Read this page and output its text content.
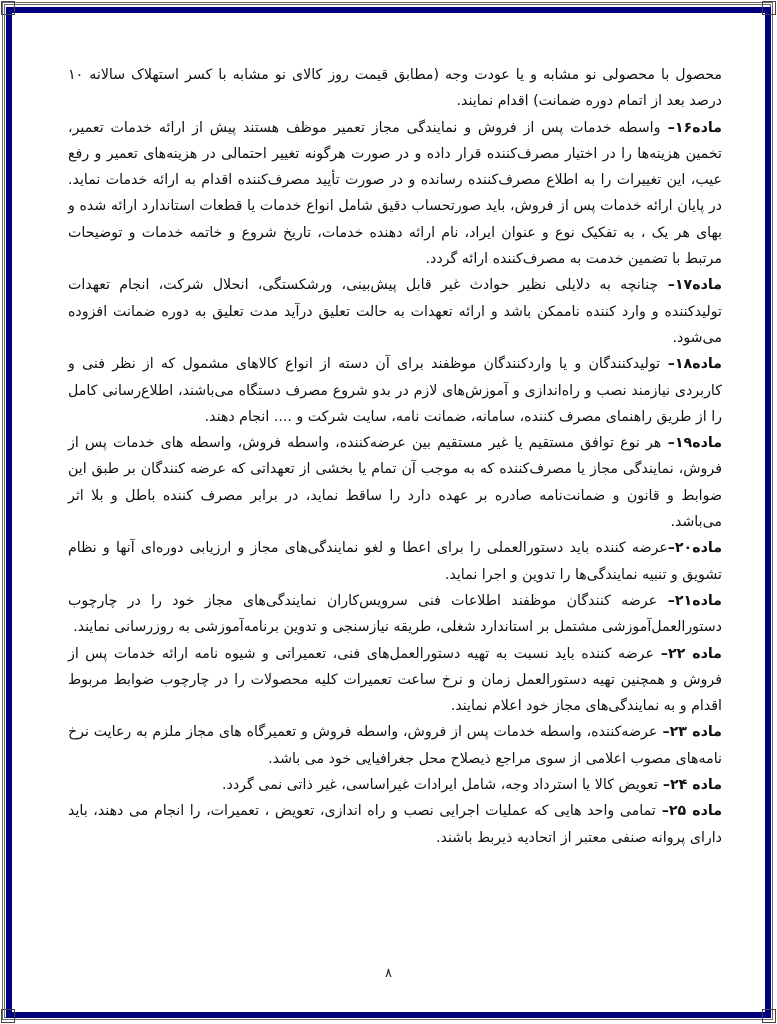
محصول با محصولی نو مشابه و یا عودت وجه (مطابق قیمت روز کالای نو مشابه با کسر استهلاک سالانه ۱۰ درصد بعد از اتمام دوره ضمانت) اقدام نمایند.

ماده۱۶– واسطه خدمات پس از فروش و نمایندگی مجاز تعمیر موظف هستند پیش از ارائه خدمات تعمیر، تخمین هزینه‌ها را در اختیار مصرف‌کننده قرار داده و در صورت هرگونه تغییر احتمالی در هزینه‌های تعمیر و رفع عیب، این تغییرات را به اطلاع مصرف‌کننده رسانده و در صورت تأیید مصرف‌کننده اقدام به ارائه خدمات نماید. در پایان ارائه خدمات پس از فروش، باید صورتحساب دقیق شامل انواع خدمات یا قطعات استاندارد ارائه شده و بهای هر یک ، به تفکیک نوع و عنوان ایراد، نام ارائه دهنده خدمات، تاریخ شروع و خاتمه خدمات و توضیحات مرتبط با تضمین خدمت به مصرف‌کننده ارائه گردد.

ماده۱۷– چنانچه به دلایلی نظیر حوادث غیر قابل پیش‌بینی، ورشکستگی، انحلال شرکت، انجام تعهدات تولیدکننده و وارد کننده ناممکن باشد و ارائه تعهدات به حالت تعلیق درآید مدت تعلیق به دوره ضمانت افزوده می‌شود.

ماده۱۸– تولیدکنندگان و یا واردکنندگان موظفند برای آن دسته از انواع کالاهای مشمول که از نظر فنی و کاربردی نیازمند نصب و راه‌اندازی و آموزش‌های لازم در بدو شروع مصرف دستگاه می‌باشند، اطلاع‌رسانی کامل را از طریق راهنمای مصرف کننده، سامانه، ضمانت نامه، سایت شرکت و .... انجام دهند.

ماده۱۹– هر نوع توافق مستقیم یا غیر مستقیم بین عرضه‌کننده، واسطه فروش، واسطه های خدمات پس از فروش، نمایندگی مجاز یا مصرف‌کننده که به موجب آن تمام یا بخشی از تعهداتی که عرضه کنندگان بر طبق این ضوابط و قانون و ضمانت‌نامه صادره بر عهده دارد را ساقط نماید، در برابر مصرف کننده باطل و بلا اثر می‌باشد.

ماده۲۰–عرضه کننده باید دستورالعملی را برای اعطا و لغو نمایندگی‌های مجاز و ارزیابی دوره‌ای آنها و نظام تشویق و تنبیه نمایندگی‌ها را تدوین و اجرا نماید.

ماده۲۱– عرضه کنندگان موظفند اطلاعات فنی سرویس‌کاران نمایندگی‌های مجاز خود را در چارچوب دستورالعمل‌آموزشی مشتمل بر استاندارد شغلی، طریقه نیازسنجی و تدوین برنامه‌آموزشی به روزرسانی نمایند.

ماده ۲۲– عرضه کننده باید نسبت به تهیه دستورالعمل‌های فنی، تعمیراتی و شیوه نامه ارائه خدمات پس از فروش و همچنین تهیه دستورالعمل زمان و نرخ ساعت تعمیرات کلیه محصولات را در چارچوب ضوابط مربوط اقدام و به نمایندگی‌های مجاز خود اعلام نمایند.

ماده ۲۳– عرضه‌کننده، واسطه خدمات پس از فروش، واسطه فروش و تعمیرگاه های مجاز ملزم به رعایت نرخ نامه‌های مصوب اعلامی از سوی مراجع ذیصلاح محل جغرافیایی خود می باشد.

ماده ۲۴– تعویض کالا یا استرداد وجه، شامل ایرادات غیراساسی، غیر ذاتی نمی گردد.

ماده ۲۵– تمامی واحد هایی که عملیات اجرایی نصب و راه اندازی، تعویض ، تعمیرات، را انجام می دهند، باید دارای پروانه صنفی معتبر از اتحادیه ذیربط باشند.

۸
